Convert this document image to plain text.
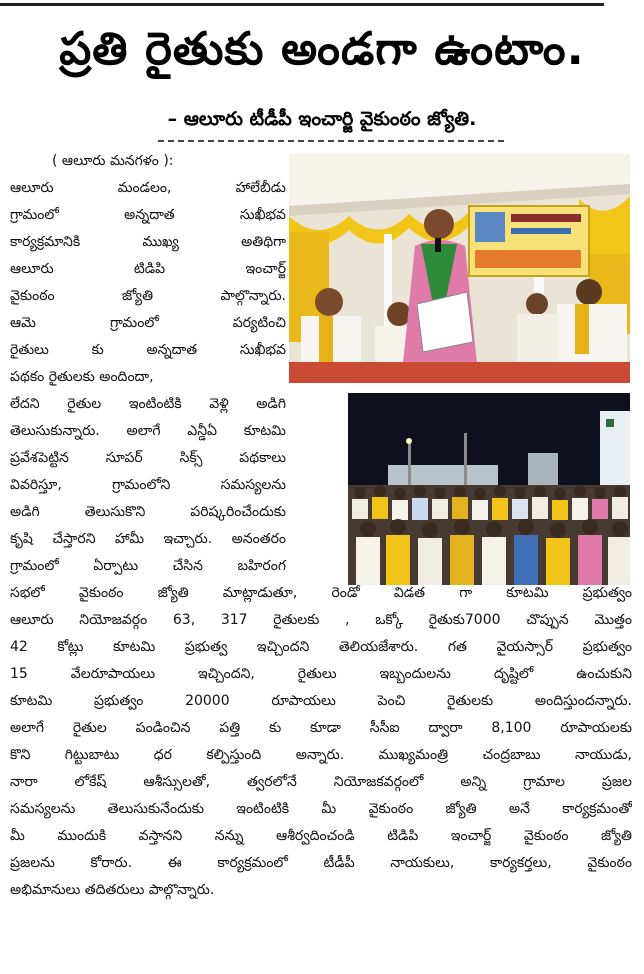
ప్రతి రైతుకు అండగా ఉంటాం.
– ఆలూరు టీడీపీ ఇంచార్జి వైకుంఠం జ్యోతి.
( ఆలూరు మనగళం ):
ఆలూరు మండలం, హాలేబీడు
గ్రామంలో అన్నదాత సుఖీభవ
కార్యక్రమానికి ముఖ్య అతిథిగా
ఆలూరు టిడిపి ఇంచార్జ్
వైకుంఠం జ్యోతి పాల్గొన్నారు.
ఆమె గ్రామంలో పర్యటించి
రైతులు కు అన్నదాత సుఖీభవ
పథకం రైతులకు అందిందా,
లేదని రైతుల ఇంటింటికి వెళ్లి అడిగి
తెలుసుకున్నారు. అలాగే ఎన్డీఏ కూటమి
ప్రవేశపెట్టిన సూపర్ సిక్స్ పథకాలు
వివరిస్తూ, గ్రామంలోని సమస్యలను
అడిగి తెలుసుకొని పరిష్కరించేందుకు
కృషి చేస్తారని హామీ ఇచ్చారు. అనంతరం
గ్రామంలో ఏర్పాటు చేసిన బహిరంగ
సభలో వైకుంఠం జ్యోతి మాట్లాడుతూ, రెండో విడత గా కూటమి ప్రభుత్వం
ఆలూరు నియోజవర్గం 63, 317 రైతులకు , ఒక్కో రైతుకు7000 చొప్పున మొత్తం
42 కోట్లు కూటమి ప్రభుత్వ ఇచ్చిందని తెలియజేశారు. గత వైయస్సార్ ప్రభుత్వం
15 వేలరూపాయలు ఇచ్చిందని, రైతులు ఇబ్బందులను దృష్టిలో ఉంచుకుని
కూటమి ప్రభుత్వం 20000 రూపాయలు పెంచి రైతులకు అందిస్తుందన్నారు.
అలాగే రైతుల పండించిన పత్తి కు కూడా సీసీఐ ద్వారా 8,100 రూపాయలకు
కొని గిట్టుబాటు ధర కల్పిస్తుంది అన్నారు. ముఖ్యమంత్రి చంద్రబాబు నాయుడు,
నారా లోకేష్ ఆశీస్సులతో, త్వరలోనే నియోజకవర్గంలో అన్ని గ్రామాల ప్రజల
సమస్యలను తెలుసుకునేందుకు ఇంటింటికి మీ వైకుంఠం జ్యోతి అనే కార్యక్రమంతో
మీ ముందుకి వస్తానని నన్ను ఆశీర్వదించండి టిడిపి ఇంచార్జ్ వైకుంఠం జ్యోతి
ప్రజలను కోరారు. ఈ కార్యక్రమంలో టీడీపీ నాయకులు, కార్యకర్తలు, వైకుంఠం
అభిమానులు తదితరులు పాల్గొన్నారు.
